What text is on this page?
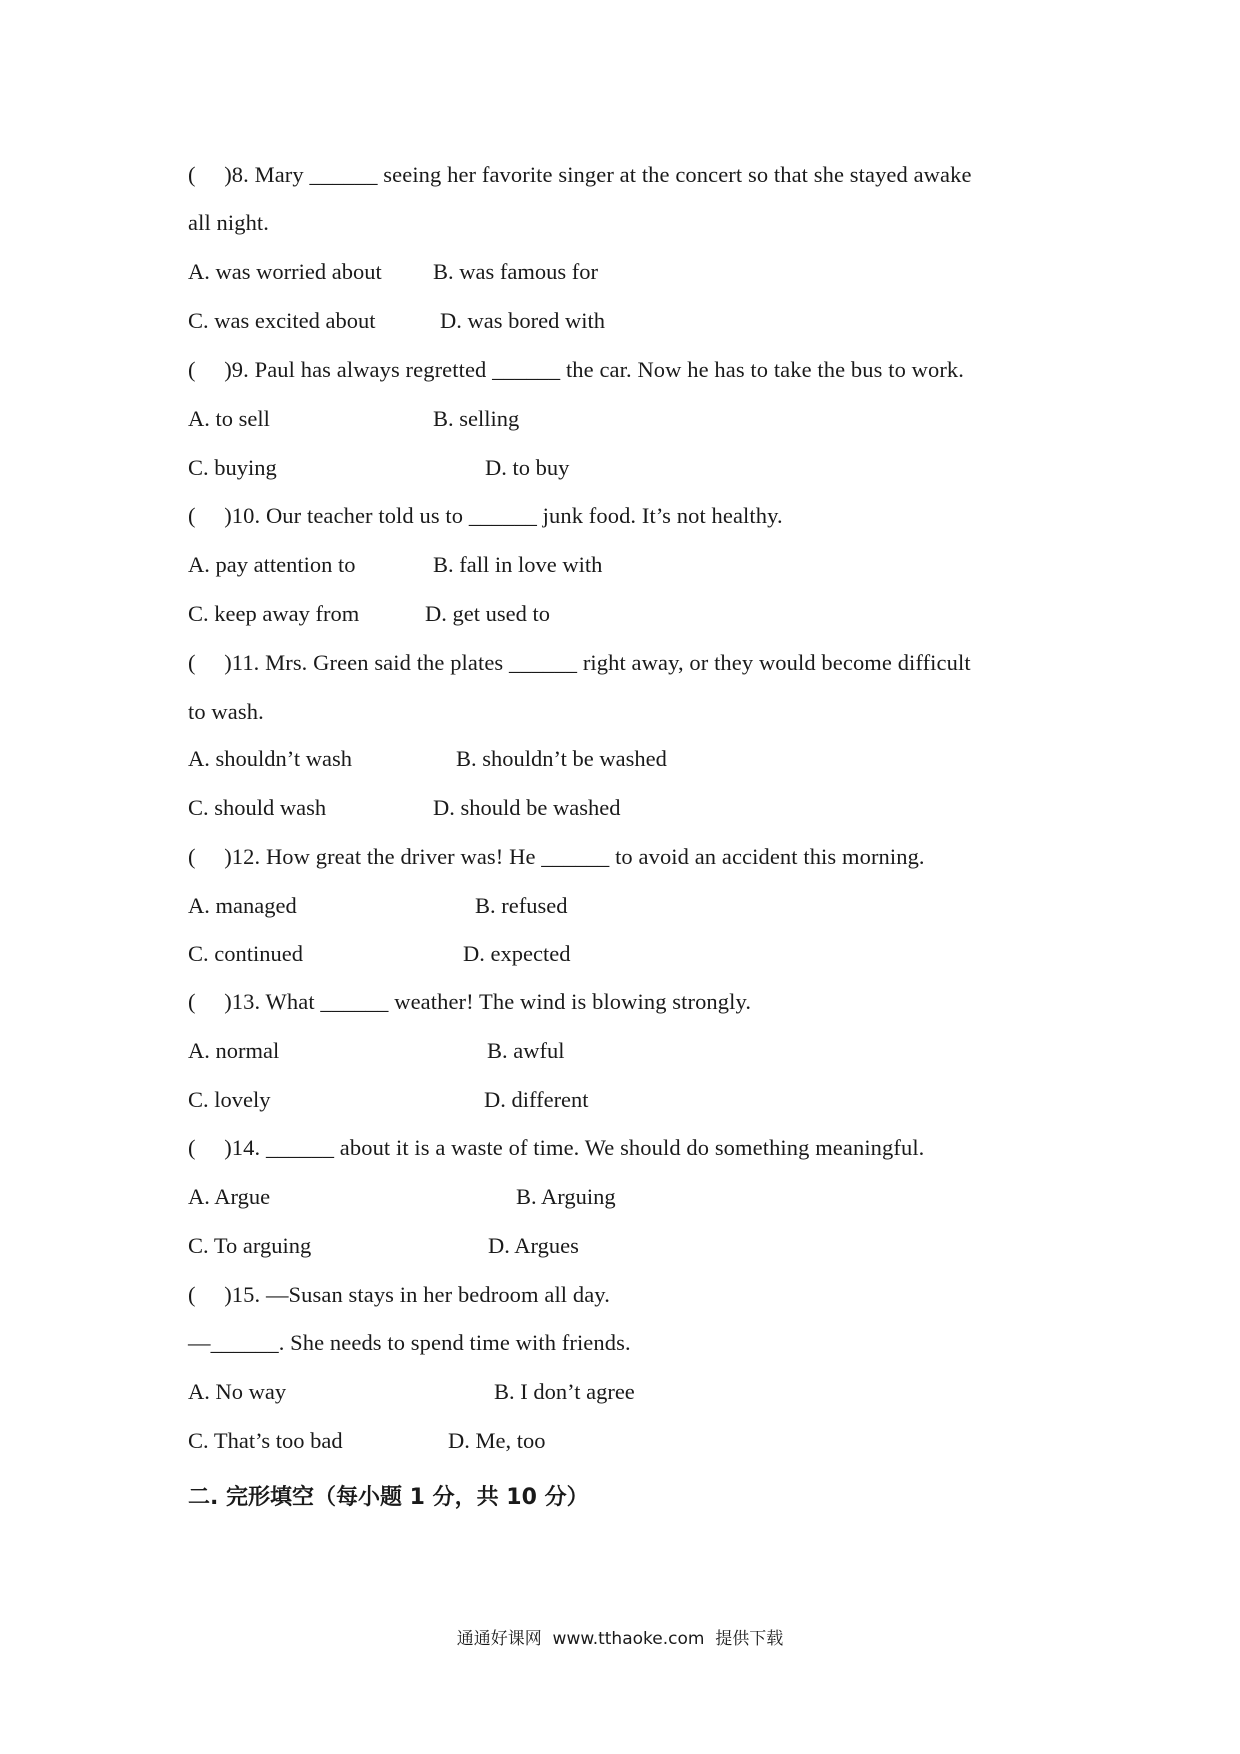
(     )8. Mary ______ seeing her favorite singer at the concert so that she stayed awake
all night.
A. was worried about B. was famous for
C. was excited about	D. was bored with
(     )9. Paul has always regretted ______ the car. Now he has to take the bus to work.
A. to sell	B. selling
C. buying	D. to buy
(     )10. Our teacher told us to ______ junk food. It’s not healthy.
A. pay attention to	B. fall in love with
C. keep away from	D. get used to
(     )11. Mrs. Green said the plates ______ right away, or they would become difficult
to wash.
A. shouldn’t wash	B. shouldn’t be washed
C. should wash	D. should be washed
(     )12. How great the driver was! He ______ to avoid an accident this morning.
A. managed	B. refused
C. continued	D. expected
(     )13. What ______ weather! The wind is blowing strongly.
A. normal	B. awful
C. lovely	D. different
(     )14. ______ about it is a waste of time. We should do something meaningful.
A. Argue	B. Arguing
C. To arguing	D. Argues
(     )15. —Susan stays in her bedroom all day.
—______. She needs to spend time with friends.
A. No way	B. I don’t agree
C. That’s too bad	D. Me, too
二. 完形填空（每小题 1 分，共 10 分）
通通好课网  www.tthaoke.com  提供下载
